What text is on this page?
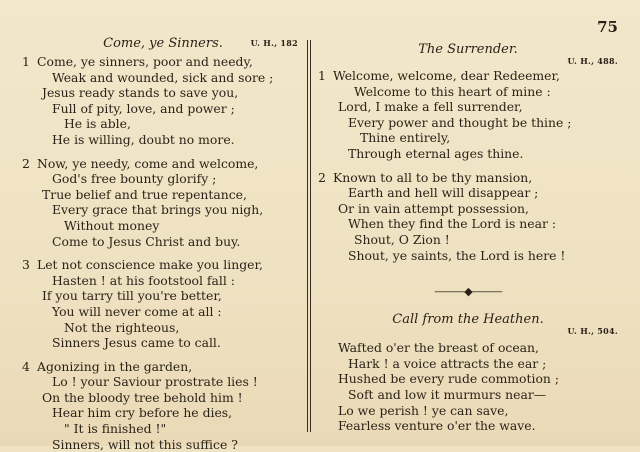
75
Come, ye Sinners.	U. H., 182
1 Come, ye sinners, poor and needy,
Weak and wounded, sick and sore ;
Jesus ready stands to save you,
Full of pity, love, and power ;
He is able,
He is willing, doubt no more.
2 Now, ye needy, come and welcome,
God's free bounty glorify ;
True belief and true repentance,
Every grace that brings you nigh,
Without money
Come to Jesus Christ and buy.
3 Let not conscience make you linger,
Hasten ! at his footstool fall :
If you tarry till you're better,
You will never come at all :
Not the righteous,
Sinners Jesus came to call.
4 Agonizing in the garden,
Lo ! your Saviour prostrate lies !
On the bloody tree behold him !
Hear him cry before he dies,
" It is finished !"
Sinners, will not this suffice ?
The Surrender.
U. H., 488.
1 Welcome, welcome, dear Redeemer,
Welcome to this heart of mine :
Lord, I make a fell surrender,
Every power and thought be thine ;
Thine entirely,
Through eternal ages thine.
2 Known to all to be thy mansion,
Earth and hell will disappear ;
Or in vain attempt possession,
When they find the Lord is near :
Shout, O Zion !
Shout, ye saints, the Lord is here !
———◆———
Call from the Heathen.
U. H., 504.
Wafted o'er the breast of ocean,
Hark ! a voice attracts the ear ;
Hushed be every rude commotion ;
Soft and low it murmurs near—
Lo we perish ! ye can save,
Fearless venture o'er the wave.
